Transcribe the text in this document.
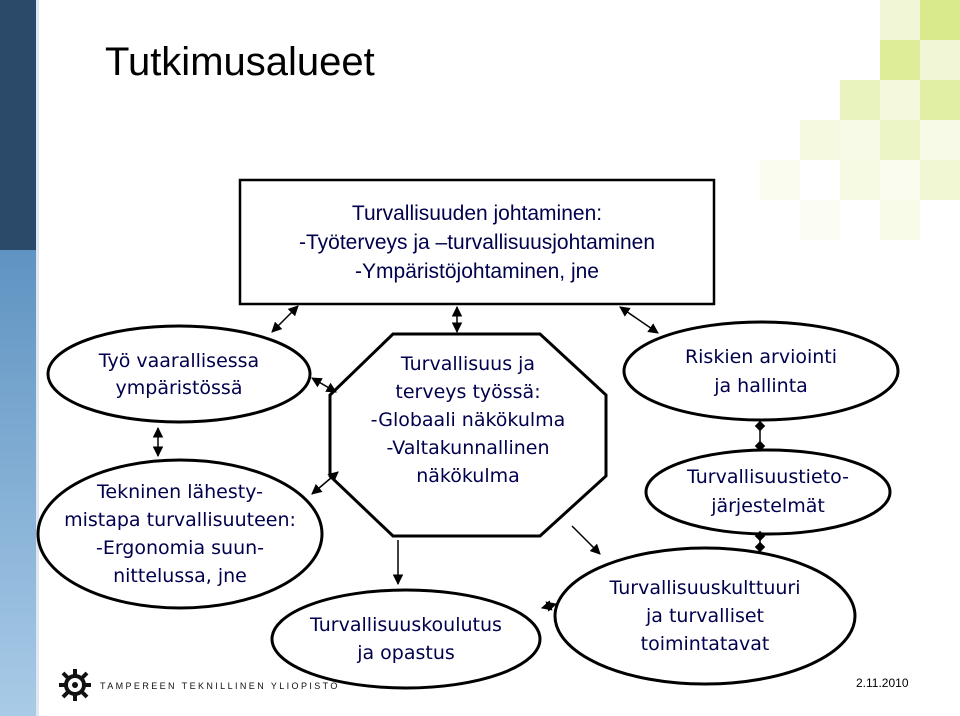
Tutkimusalueet
Turvallisuuden johtaminen:
-Työterveys ja –turvallisuusjohtaminen
-Ympäristöjohtaminen, jne
Työ vaarallisessa
ympäristössä
Tekninen lähesty-
mistapa turvallisuuteen:
-Ergonomia suun-
nittelussa, jne
Turvallisuus ja
terveys työssä:
-Globaali näkökulma
-Valtakunnallinen
näkökulma
Turvallisuuskoulutus
ja opastus
Riskien arviointi
ja hallinta
Turvallisuustieto-
järjestelmät
Turvallisuuskulttuuri
ja turvalliset
toimintatavat
TAMPEREEN TEKNILLINEN YLIOPISTO	2.11.2010
